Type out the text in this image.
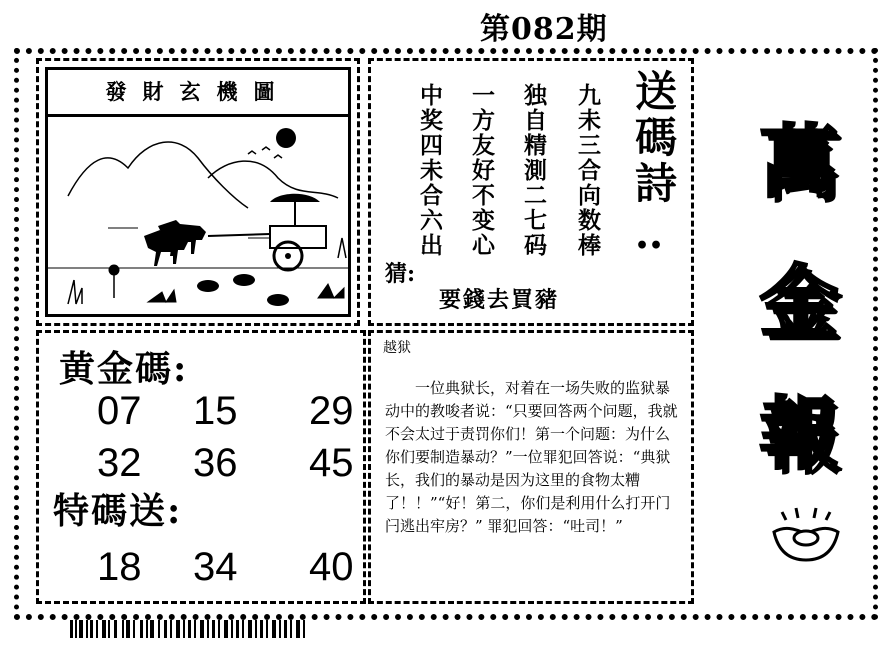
第082期
發財玄機圖	九未三合向数棒
独自精測二七码
一方友好不变心
中奖四未合六出	送碼詩
••
猜:
要錢去買豬
黄金碼:
07 15 29
32 36 45
特碼送:
18 34 40
越狱
一位典狱长，对着在一场失败的监狱暴动中的教唆者说：“只要回答两个问题，我就不会太过于责罚你们！第一个问题：为什么你们要制造暴动？”一位罪犯回答说：“典狱长，我们的暴动是因为这里的食物太糟了！！”“好！第二，你们是利用什么打开门闩逃出牢房？” 罪犯回答：“吐司！”
萬
金
報
